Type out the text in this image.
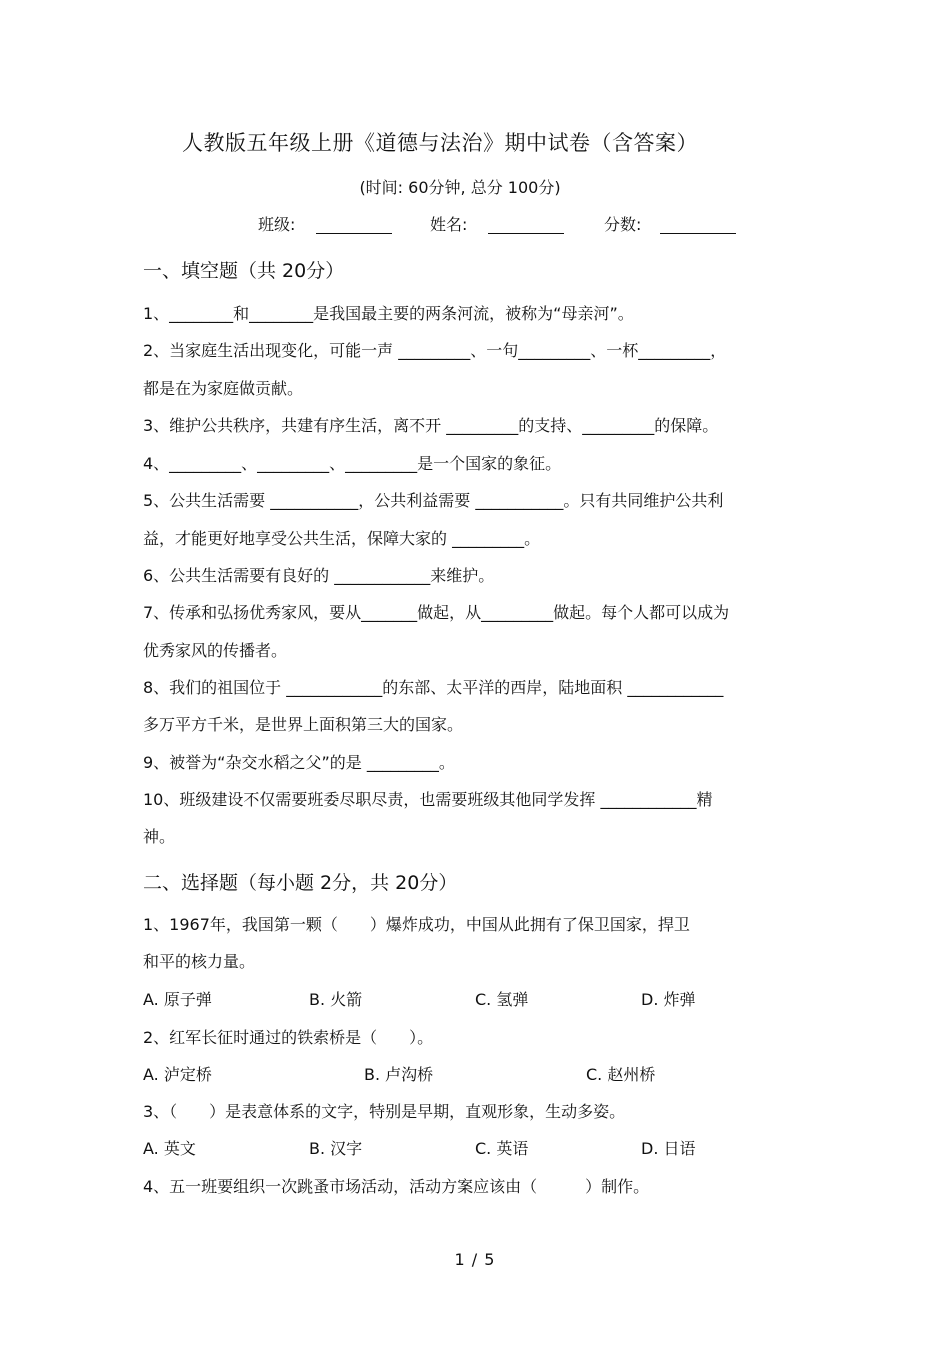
人教版五年级上册《道德与法治》期中试卷（含答案）
(时间: 60分钟, 总分 100分)
班级:	姓名:	分数:
一、填空题（共 20分）
1、________和________是我国最主要的两条河流，被称为“母亲河”。
2、当家庭生活出现变化，可能一声 _________、一句_________、一杯_________，
都是在为家庭做贡献。
3、维护公共秩序，共建有序生活，离不开 _________的支持、_________的保障。
4、_________、_________、_________是一个国家的象征。
5、公共生活需要 ___________，公共利益需要 ___________。只有共同维护公共利
益，才能更好地享受公共生活，保障大家的 _________。
6、公共生活需要有良好的 ____________来维护。
7、传承和弘扬优秀家风，要从_______做起，从_________做起。每个人都可以成为
优秀家风的传播者。
8、我们的祖国位于 ____________的东部、太平洋的西岸，陆地面积 ____________
多万平方千米，是世界上面积第三大的国家。
9、被誉为“杂交水稻之父”的是 _________。
10、班级建设不仅需要班委尽职尽责，也需要班级其他同学发挥 ____________精
神。
二、选择题（每小题 2分，共 20分）
1、1967年，我国第一颗（　　）爆炸成功，中国从此拥有了保卫国家，捍卫
和平的核力量。
A. 原子弹	B. 火箭	C. 氢弹	D. 炸弹
2、红军长征时通过的铁索桥是（　　）。
A. 泸定桥	B. 卢沟桥	C. 赵州桥
3、（　　）是表意体系的文字，特别是早期，直观形象，生动多姿。
A. 英文	B. 汉字	C. 英语	D. 日语
4、五一班要组织一次跳蚤市场活动，活动方案应该由（　　　）制作。
1 / 5
